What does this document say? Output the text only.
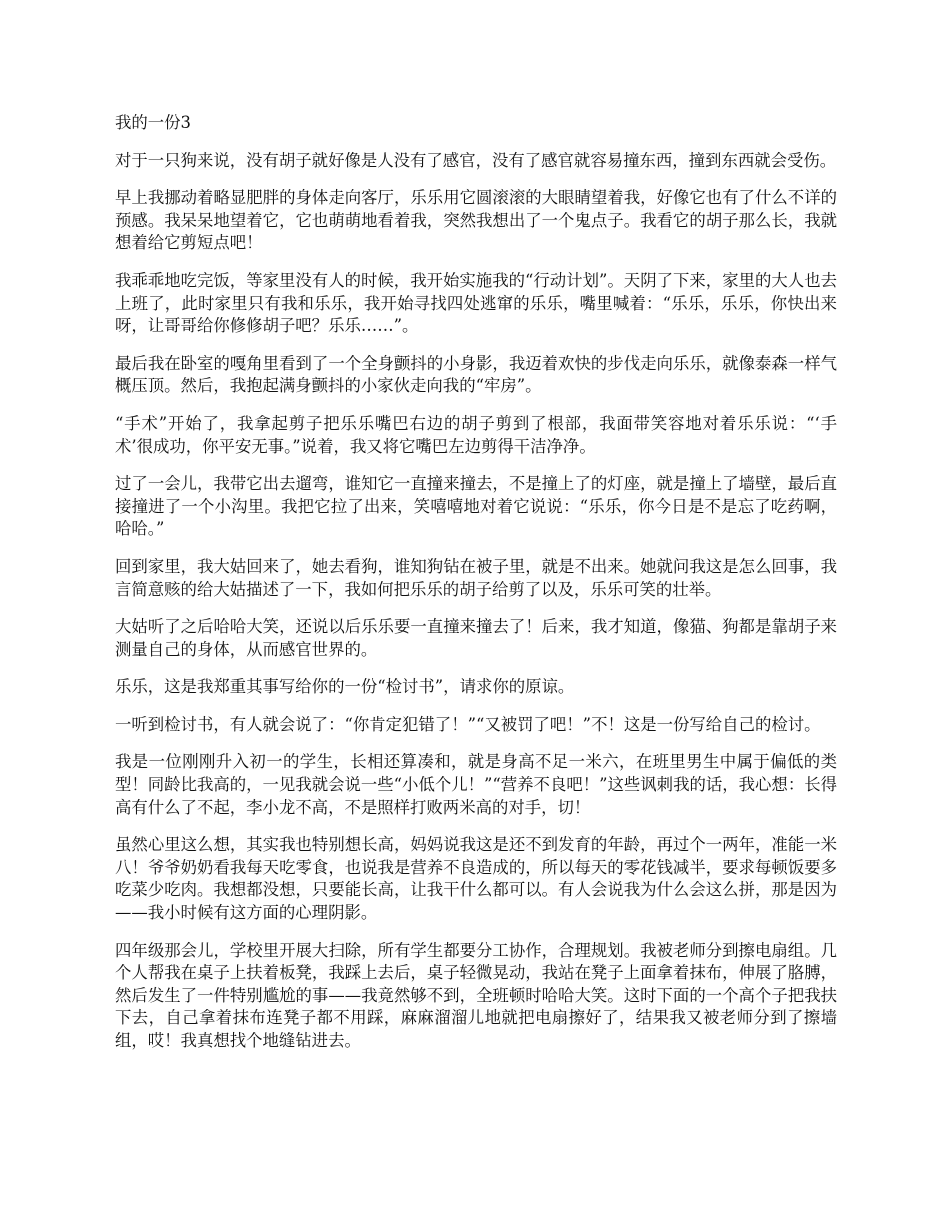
我的一份3

对于一只狗来说，没有胡子就好像是人没有了感官，没有了感官就容易撞东西，撞到东西就会受伤。

早上我挪动着略显肥胖的身体走向客厅，乐乐用它圆滚滚的大眼睛望着我，好像它也有了什么不详的预感。我呆呆地望着它，它也萌萌地看着我，突然我想出了一个鬼点子。我看它的胡子那么长，我就想着给它剪短点吧！

我乖乖地吃完饭，等家里没有人的时候，我开始实施我的“行动计划”。天阴了下来，家里的大人也去上班了，此时家里只有我和乐乐，我开始寻找四处逃窜的乐乐，嘴里喊着：“乐乐，乐乐，你快出来呀，让哥哥给你修修胡子吧？乐乐……”。

最后我在卧室的嘎角里看到了一个全身颤抖的小身影，我迈着欢快的步伐走向乐乐，就像泰森一样气概压顶。然后，我抱起满身颤抖的小家伙走向我的“牢房”。

“手术”开始了，我拿起剪子把乐乐嘴巴右边的胡子剪到了根部，我面带笑容地对着乐乐说：“‘手术’很成功，你平安无事。”说着，我又将它嘴巴左边剪得干洁净净。

过了一会儿，我带它出去遛弯，谁知它一直撞来撞去，不是撞上了的灯座，就是撞上了墙壁，最后直接撞进了一个小沟里。我把它拉了出来，笑嘻嘻地对着它说说：“乐乐，你今日是不是忘了吃药啊，哈哈。”

回到家里，我大姑回来了，她去看狗，谁知狗钻在被子里，就是不出来。她就问我这是怎么回事，我言简意赅的给大姑描述了一下，我如何把乐乐的胡子给剪了以及，乐乐可笑的壮举。

大姑听了之后哈哈大笑，还说以后乐乐要一直撞来撞去了！后来，我才知道，像猫、狗都是靠胡子来测量自己的身体，从而感官世界的。

乐乐，这是我郑重其事写给你的一份“检讨书”，请求你的原谅。

一听到检讨书，有人就会说了：“你肯定犯错了！”“又被罚了吧！”不！这是一份写给自己的检讨。

我是一位刚刚升入初一的学生，长相还算凑和，就是身高不足一米六，在班里男生中属于偏低的类型！同龄比我高的，一见我就会说一些“小低个儿！”“营养不良吧！”这些讽刺我的话，我心想：长得高有什么了不起，李小龙不高，不是照样打败两米高的对手，切！

虽然心里这么想，其实我也特别想长高，妈妈说我这是还不到发育的年龄，再过个一两年，准能一米八！爷爷奶奶看我每天吃零食，也说我是营养不良造成的，所以每天的零花钱减半，要求每顿饭要多吃菜少吃肉。我想都没想，只要能长高，让我干什么都可以。有人会说我为什么会这么拼，那是因为——我小时候有这方面的心理阴影。

四年级那会儿，学校里开展大扫除，所有学生都要分工协作，合理规划。我被老师分到擦电扇组。几个人帮我在桌子上扶着板凳，我踩上去后，桌子轻微晃动，我站在凳子上面拿着抹布，伸展了胳膊，然后发生了一件特别尴尬的事——我竟然够不到，全班顿时哈哈大笑。这时下面的一个高个子把我扶下去，自己拿着抹布连凳子都不用踩，麻麻溜溜儿地就把电扇擦好了，结果我又被老师分到了擦墙组，哎！我真想找个地缝钻进去。
